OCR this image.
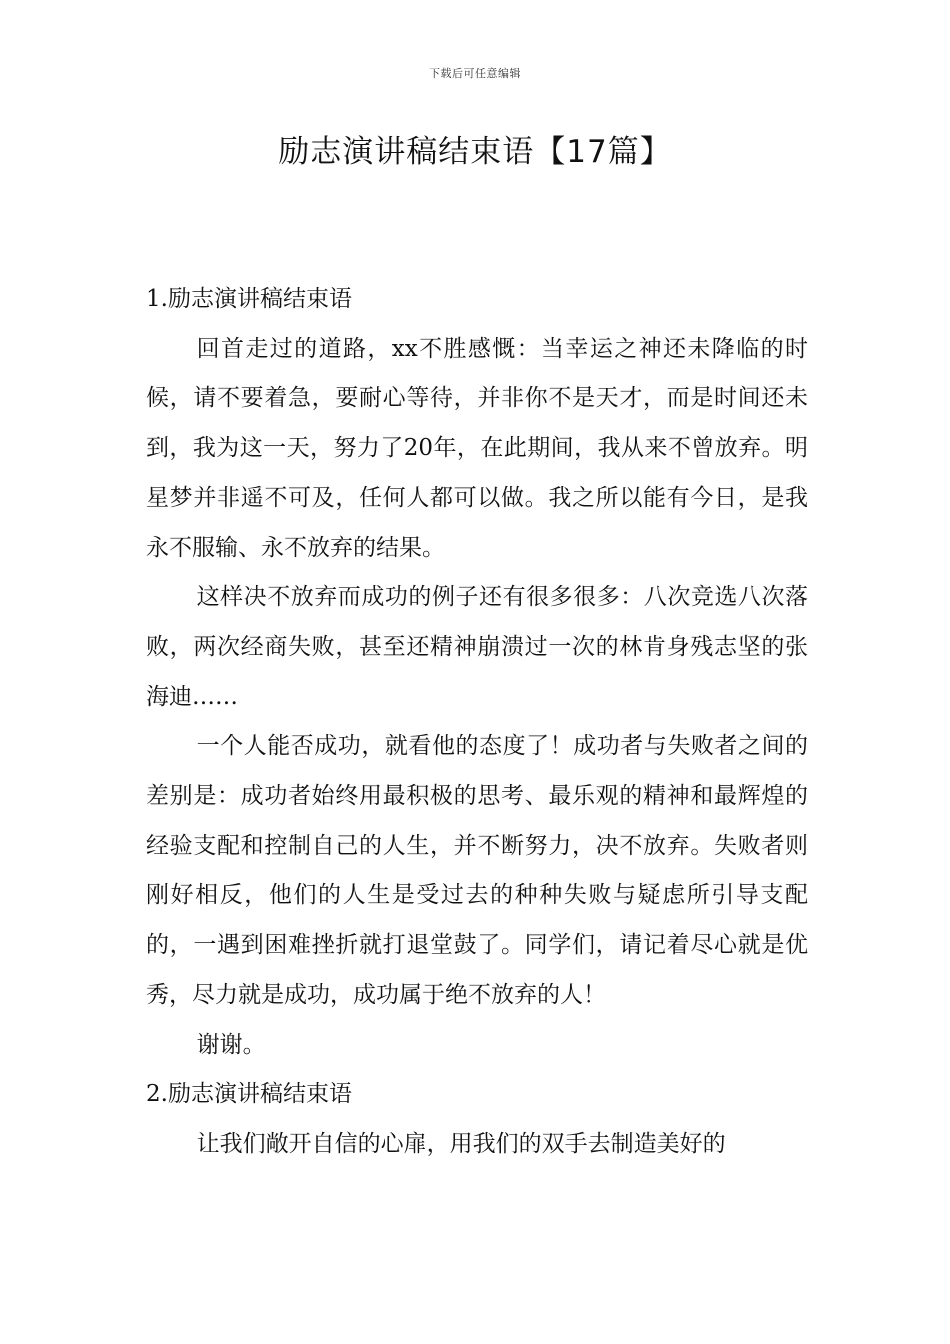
下载后可任意编辑
励志演讲稿结束语【17篇】

1.励志演讲稿结束语

回首走过的道路，xx不胜感慨：当幸运之神还未降临的时候，请不要着急，要耐心等待，并非你不是天才，而是时间还未到，我为这一天，努力了20年，在此期间，我从来不曾放弃。明星梦并非遥不可及，任何人都可以做。我之所以能有今日，是我永不服输、永不放弃的结果。

这样决不放弃而成功的例子还有很多很多：八次竞选八次落败，两次经商失败，甚至还精神崩溃过一次的林肯身残志坚的张海迪……

一个人能否成功，就看他的态度了！成功者与失败者之间的差别是：成功者始终用最积极的思考、最乐观的精神和最辉煌的经验支配和控制自己的人生，并不断努力，决不放弃。失败者则刚好相反，他们的人生是受过去的种种失败与疑虑所引导支配的，一遇到困难挫折就打退堂鼓了。同学们，请记着尽心就是优秀，尽力就是成功，成功属于绝不放弃的人！

谢谢。

2.励志演讲稿结束语

让我们敞开自信的心扉，用我们的双手去制造美好的
